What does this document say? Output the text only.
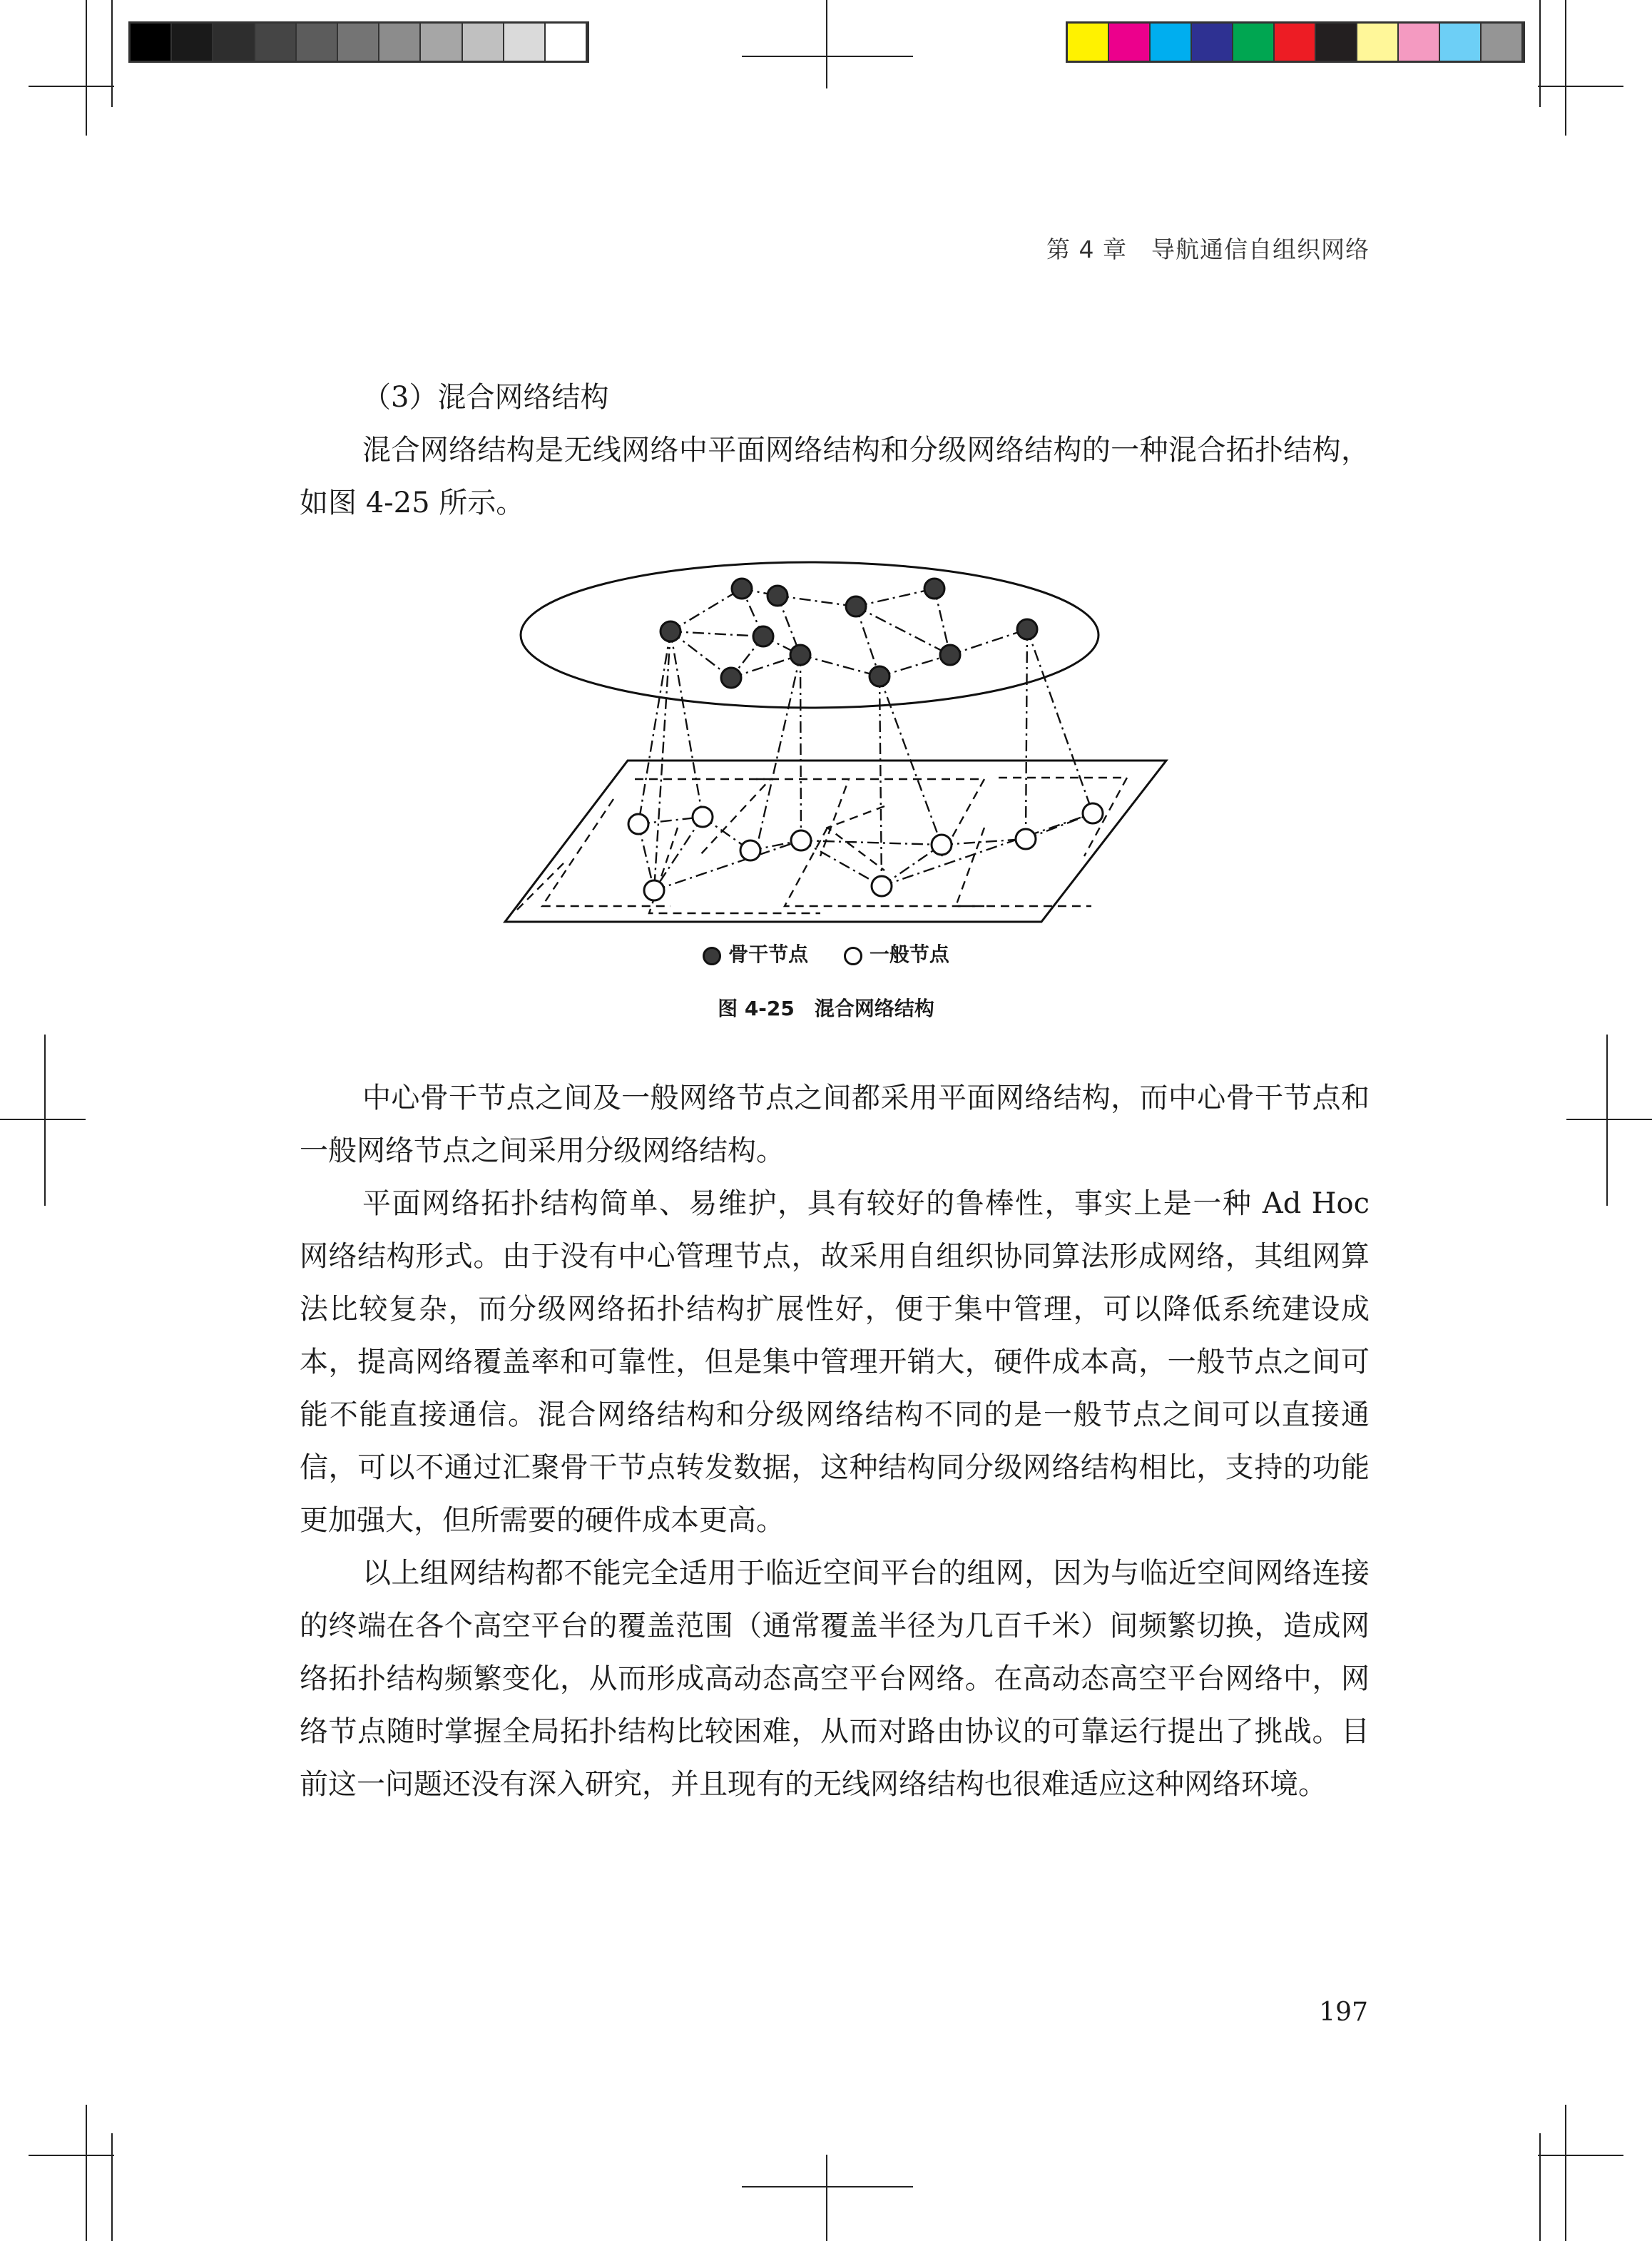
第 4 章　导航通信自组织网络
（3）混合网络结构

混合网络结构是无线网络中平面网络结构和分级网络结构的一种混合拓扑结构，如图 4-25 所示。

骨干节点	一般节点
图 4-25　混合网络结构

中心骨干节点之间及一般网络节点之间都采用平面网络结构，而中心骨干节点和一般网络节点之间采用分级网络结构。

平面网络拓扑结构简单、易维护，具有较好的鲁棒性，事实上是一种 Ad Hoc 网络结构形式。由于没有中心管理节点，故采用自组织协同算法形成网络，其组网算法比较复杂，而分级网络拓扑结构扩展性好，便于集中管理，可以降低系统建设成本，提高网络覆盖率和可靠性，但是集中管理开销大，硬件成本高，一般节点之间可能不能直接通信。混合网络结构和分级网络结构不同的是一般节点之间可以直接通信，可以不通过汇聚骨干节点转发数据，这种结构同分级网络结构相比，支持的功能更加强大，但所需要的硬件成本更高。

以上组网结构都不能完全适用于临近空间平台的组网，因为与临近空间网络连接的终端在各个高空平台的覆盖范围（通常覆盖半径为几百千米）间频繁切换，造成网络拓扑结构频繁变化，从而形成高动态高空平台网络。在高动态高空平台网络中，网络节点随时掌握全局拓扑结构比较困难，从而对路由协议的可靠运行提出了挑战。目前这一问题还没有深入研究，并且现有的无线网络结构也很难适应这种网络环境。

197
